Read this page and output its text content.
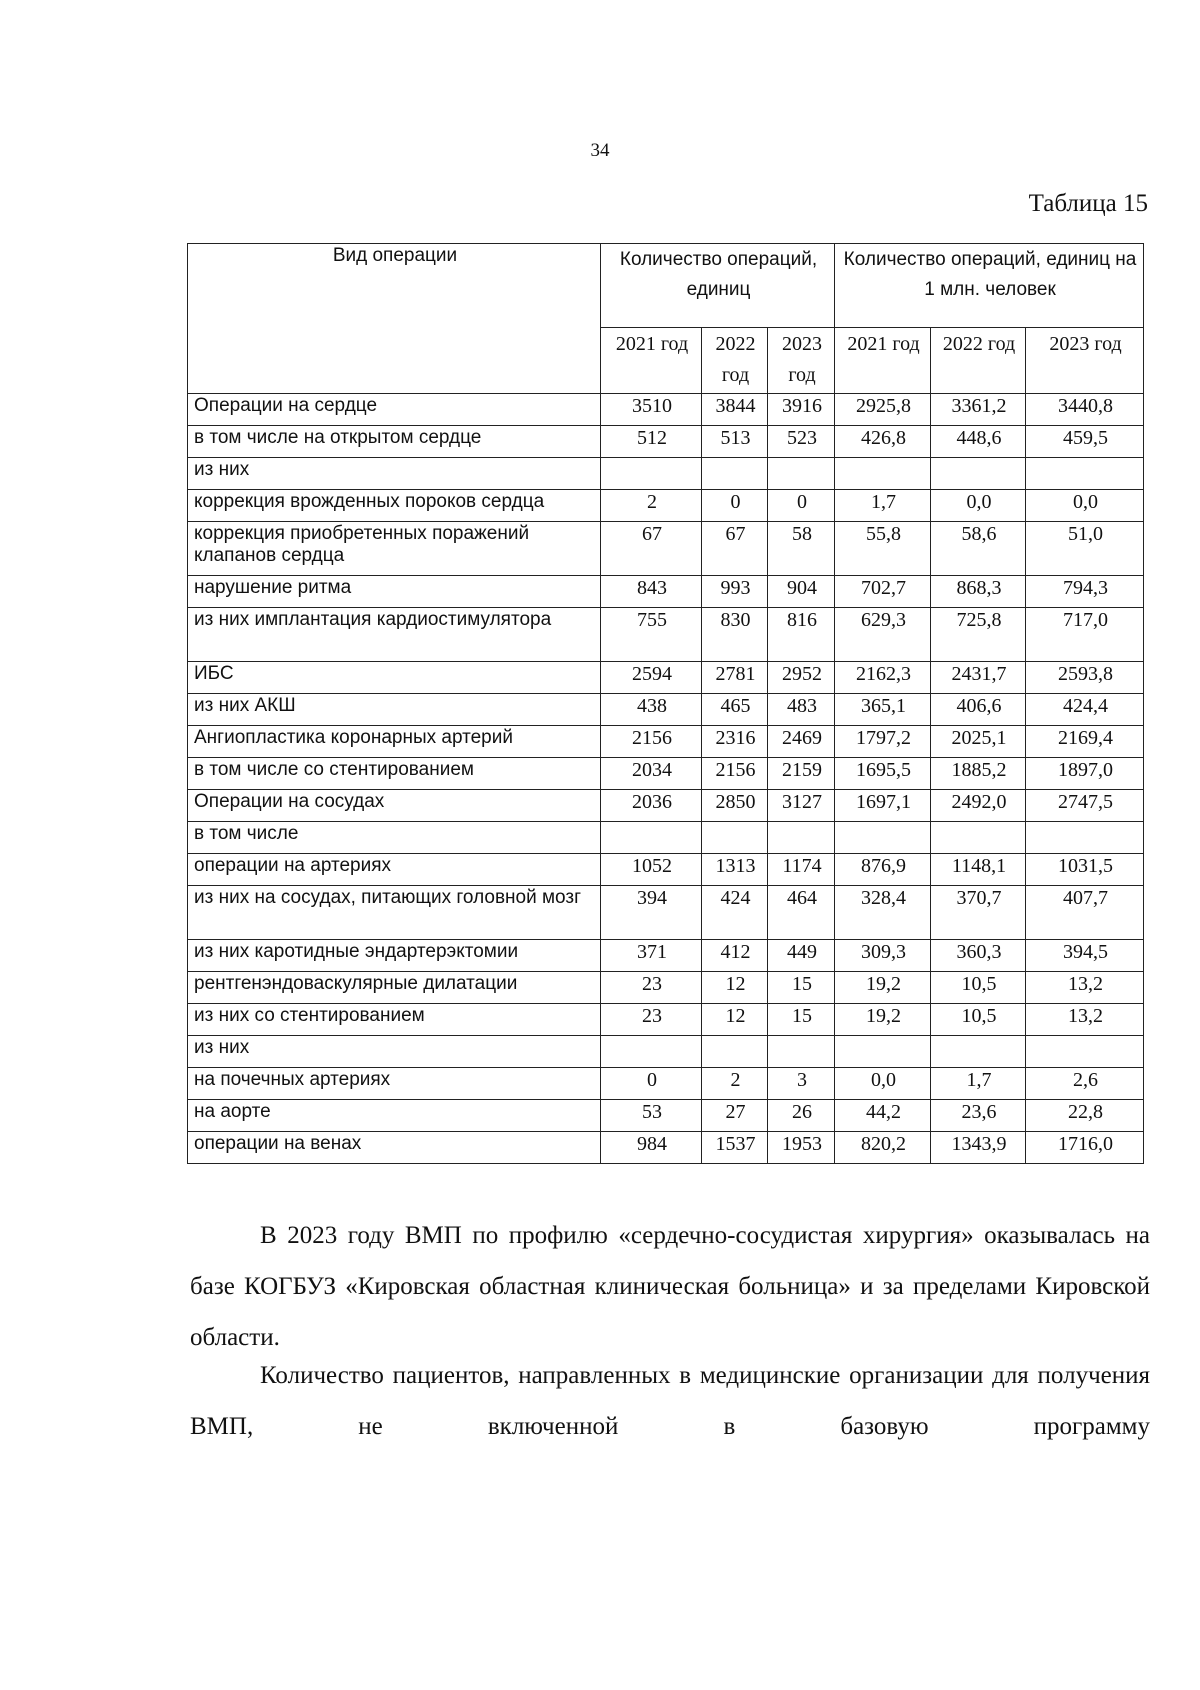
34
Таблица 15
Вид операции	Количество операций, единиц			Количество операций, единиц на 1 млн. человек		
	2021 год	2022 год	2023 год	2021 год	2022 год	2023 год
Операции на сердце	3510	3844	3916	2925,8	3361,2	3440,8
в том числе на открытом сердце	512	513	523	426,8	448,6	459,5
из них						
коррекция врожденных пороков сердца	2	0	0	1,7	0,0	0,0
коррекция приобретенных поражений клапанов сердца	67	67	58	55,8	58,6	51,0
нарушение ритма	843	993	904	702,7	868,3	794,3
из них имплантация кардиостимулятора	755	830	816	629,3	725,8	717,0
ИБС	2594	2781	2952	2162,3	2431,7	2593,8
из них АКШ	438	465	483	365,1	406,6	424,4
Ангиопластика коронарных артерий	2156	2316	2469	1797,2	2025,1	2169,4
в том числе со стентированием	2034	2156	2159	1695,5	1885,2	1897,0
Операции на сосудах	2036	2850	3127	1697,1	2492,0	2747,5
в том числе						
операции на артериях	1052	1313	1174	876,9	1148,1	1031,5
из них на сосудах, питающих головной мозг	394	424	464	328,4	370,7	407,7
из них каротидные эндартерэктомии	371	412	449	309,3	360,3	394,5
рентгенэндоваскулярные дилатации	23	12	15	19,2	10,5	13,2
из них со стентированием	23	12	15	19,2	10,5	13,2
из них						
на почечных артериях	0	2	3	0,0	1,7	2,6
на аорте	53	27	26	44,2	23,6	22,8
операции на венах	984	1537	1953	820,2	1343,9	1716,0

В 2023 году ВМП по профилю «сердечно-сосудистая хирургия» оказывалась на базе КОГБУЗ «Кировская областная клиническая больница» и за пределами Кировской области.

Количество пациентов, направленных в медицинские организации для получения ВМП, не включенной в базовую программу
